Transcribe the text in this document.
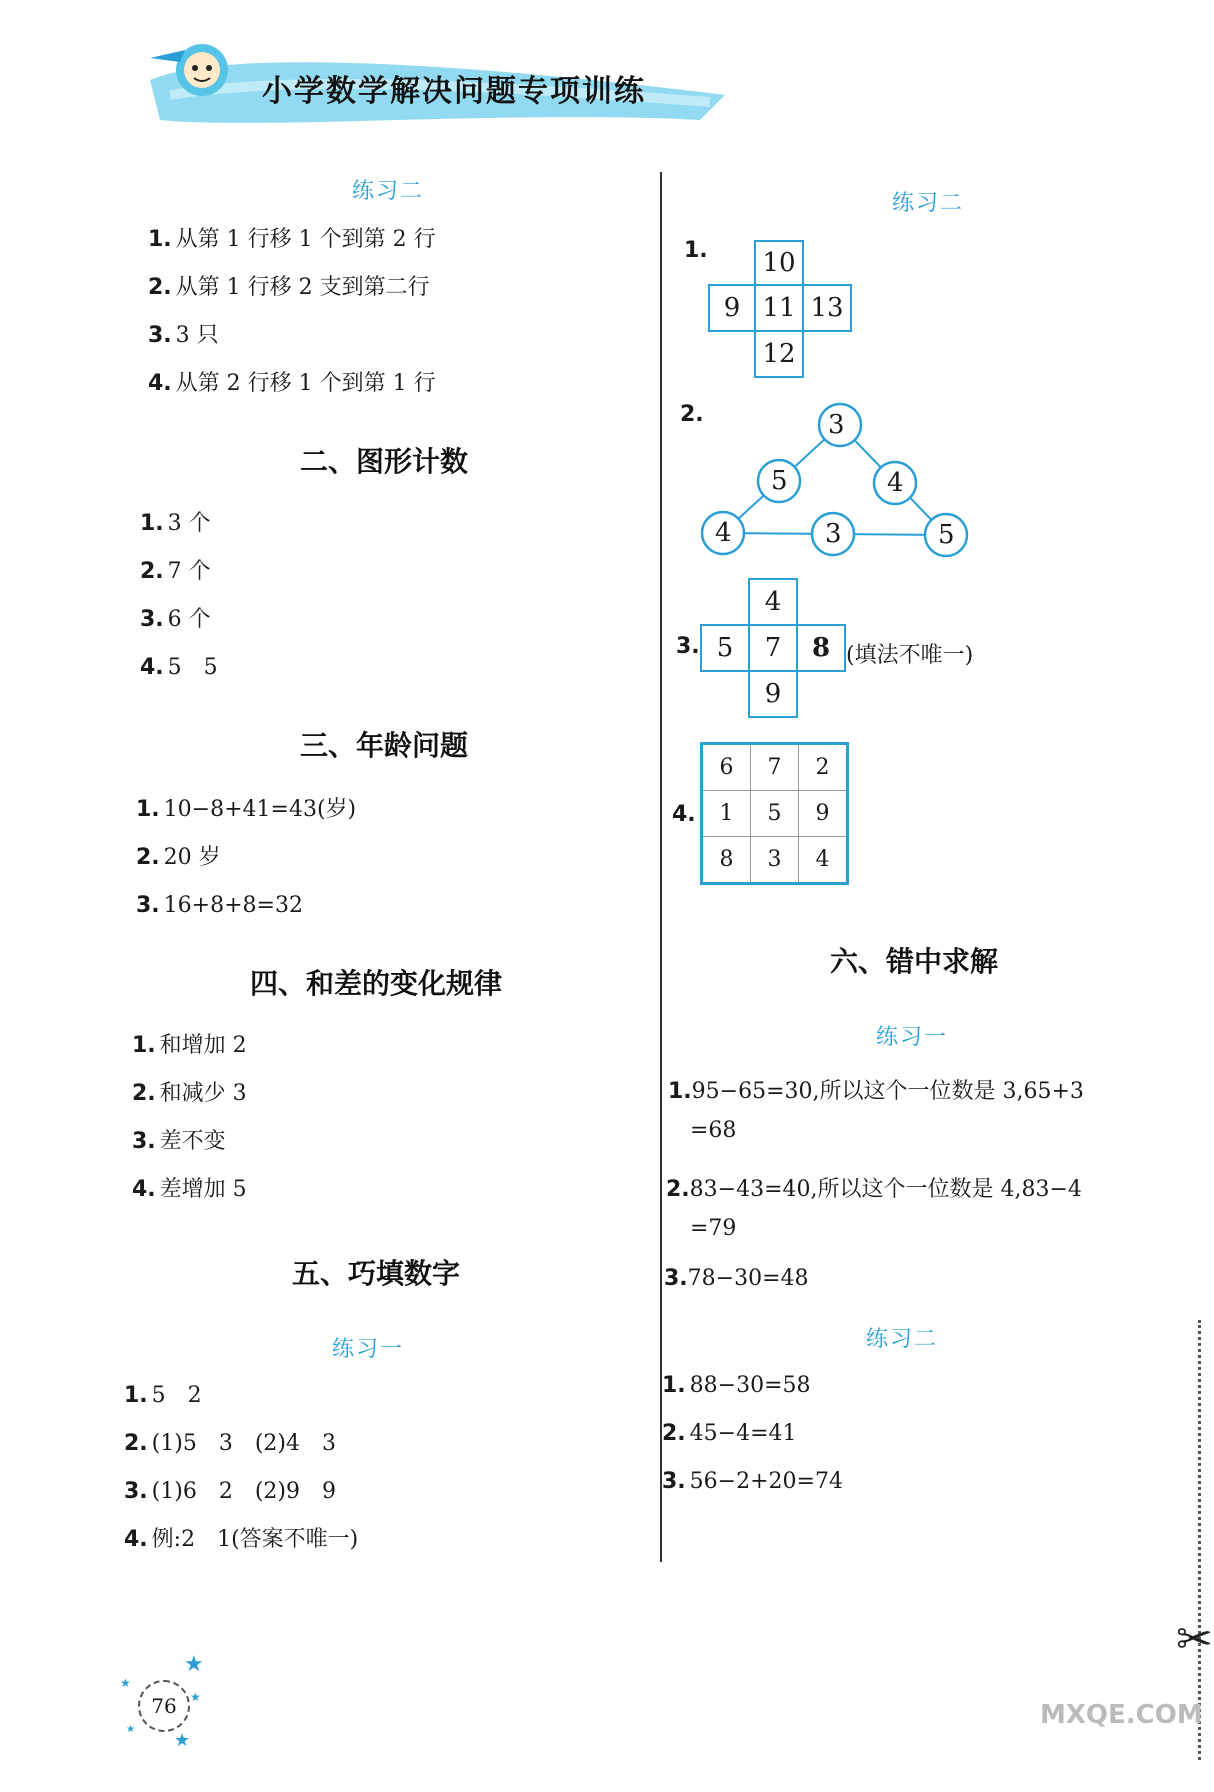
小学数学解决问题专项训练
✂
练习二
1. 从第 1 行移 1 个到第 2 行
2. 从第 1 行移 2 支到第二行
3. 3 只
4. 从第 2 行移 1 个到第 1 行
二、图形计数
1. 3 个
2. 7 个
3. 6 个
4. 5　5
三、年龄问题
1. 10−8+41=43(岁)
2. 20 岁
3. 16+8+8=32
四、和差的变化规律
1. 和增加 2
2. 和减少 3
3. 差不变
4. 差增加 5
五、巧填数字
练习一
1. 5　2
2. (1)5　3　(2)4　3
3. (1)6　2　(2)9　9
4. 例:2　1(答案不唯一)
练习二
1.	10
9 11 13
12
2.	3
5	4
4	3	5
3.
4
5	7	8
9
(填法不唯一)
4.
6	7	2
1	5	9
8	3	4
六、错中求解
练习一
1.95−65=30,所以这个一位数是 3,65+3
=68
2.83−43=40,所以这个一位数是 4,83−4
=79
3.78−30=48
练习二
1. 88−30=58
2. 45−4=41
3. 56−2+20=74
76
★
★
★
★
★	MXQE.COM
